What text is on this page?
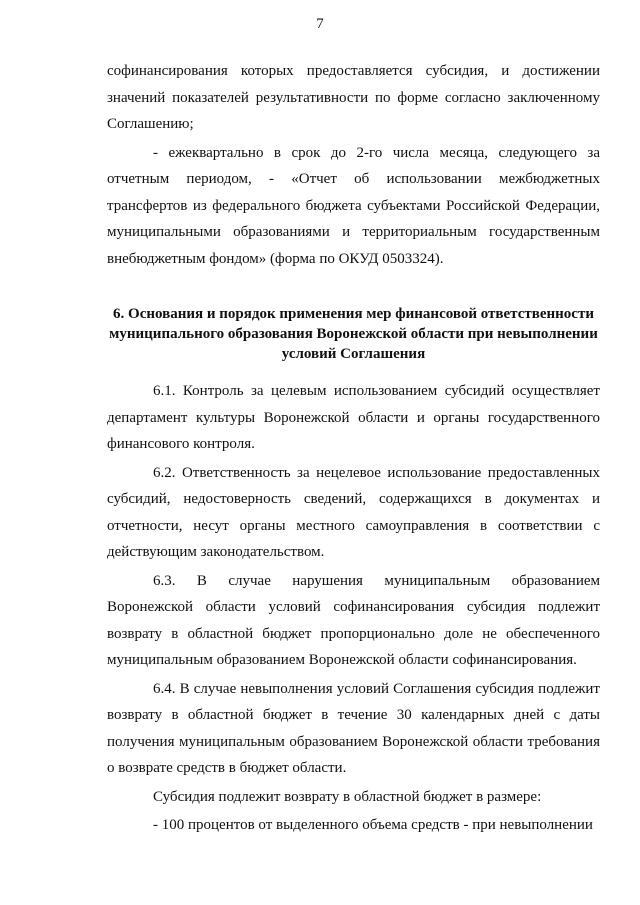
7

софинансирования которых предоставляется субсидия, и достижении значений показателей результативности по форме согласно заключенному Соглашению;

- ежеквартально в срок до 2-го числа месяца, следующего за отчетным периодом, - «Отчет об использовании межбюджетных трансфертов из федерального бюджета субъектами Российской Федерации, муниципальными образованиями и территориальным государственным внебюджетным фондом» (форма по ОКУД 0503324).

6. Основания и порядок применения мер финансовой ответственности муниципального образования Воронежской области при невыполнении условий Соглашения

6.1. Контроль за целевым использованием субсидий осуществляет департамент культуры Воронежской области и органы государственного финансового контроля.

6.2. Ответственность за нецелевое использование предоставленных субсидий, недостоверность сведений, содержащихся в документах и отчетности, несут органы местного самоуправления в соответствии с действующим законодательством.

6.3. В случае нарушения муниципальным образованием Воронежской области условий софинансирования субсидия подлежит возврату в областной бюджет пропорционально доле не обеспеченного муниципальным образованием Воронежской области софинансирования.

6.4. В случае невыполнения условий Соглашения субсидия подлежит возврату в областной бюджет в течение 30 календарных дней с даты получения муниципальным образованием Воронежской области требования о возврате средств в бюджет области.

Субсидия подлежит возврату в областной бюджет в размере:

- 100 процентов от выделенного объема средств - при невыполнении
